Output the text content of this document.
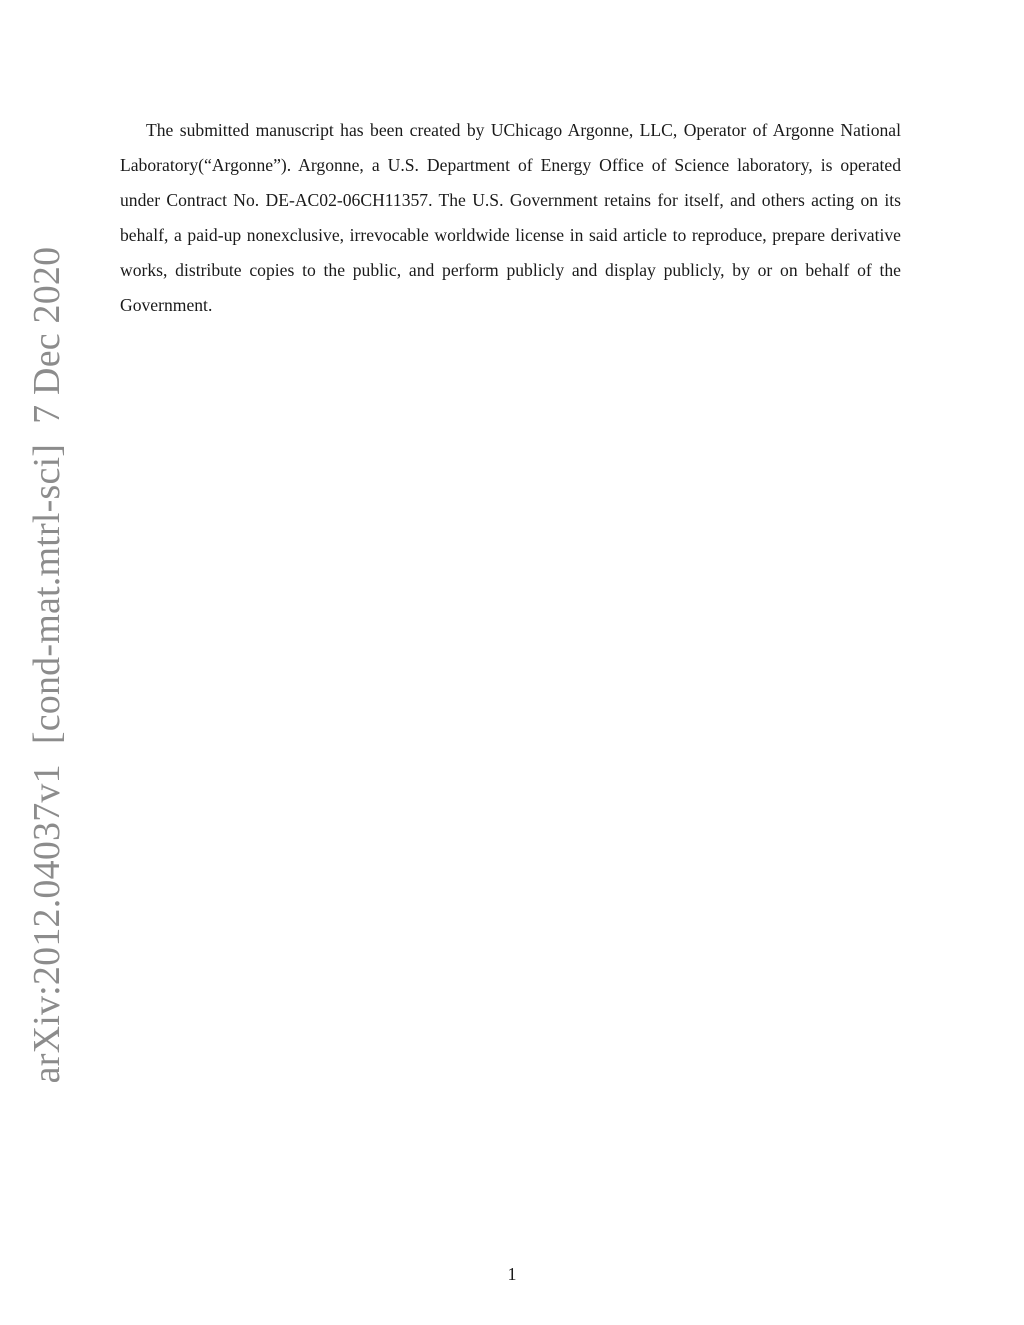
arXiv:2012.04037v1[cond-mat.mtrl-sci]7 Dec 2020

The submitted manuscript has been created by UChicago Argonne, LLC, Operator of Argonne National Laboratory(“Argonne”). Argonne, a U.S. Department of Energy Office of Science laboratory, is operated under Contract No. DE-AC02-06CH11357. The U.S. Government retains for itself, and others acting on its behalf, a paid-up nonexclusive, irrevocable worldwide license in said article to reproduce, prepare derivative works, distribute copies to the public, and perform publicly and display publicly, by or on behalf of the Government.

1
